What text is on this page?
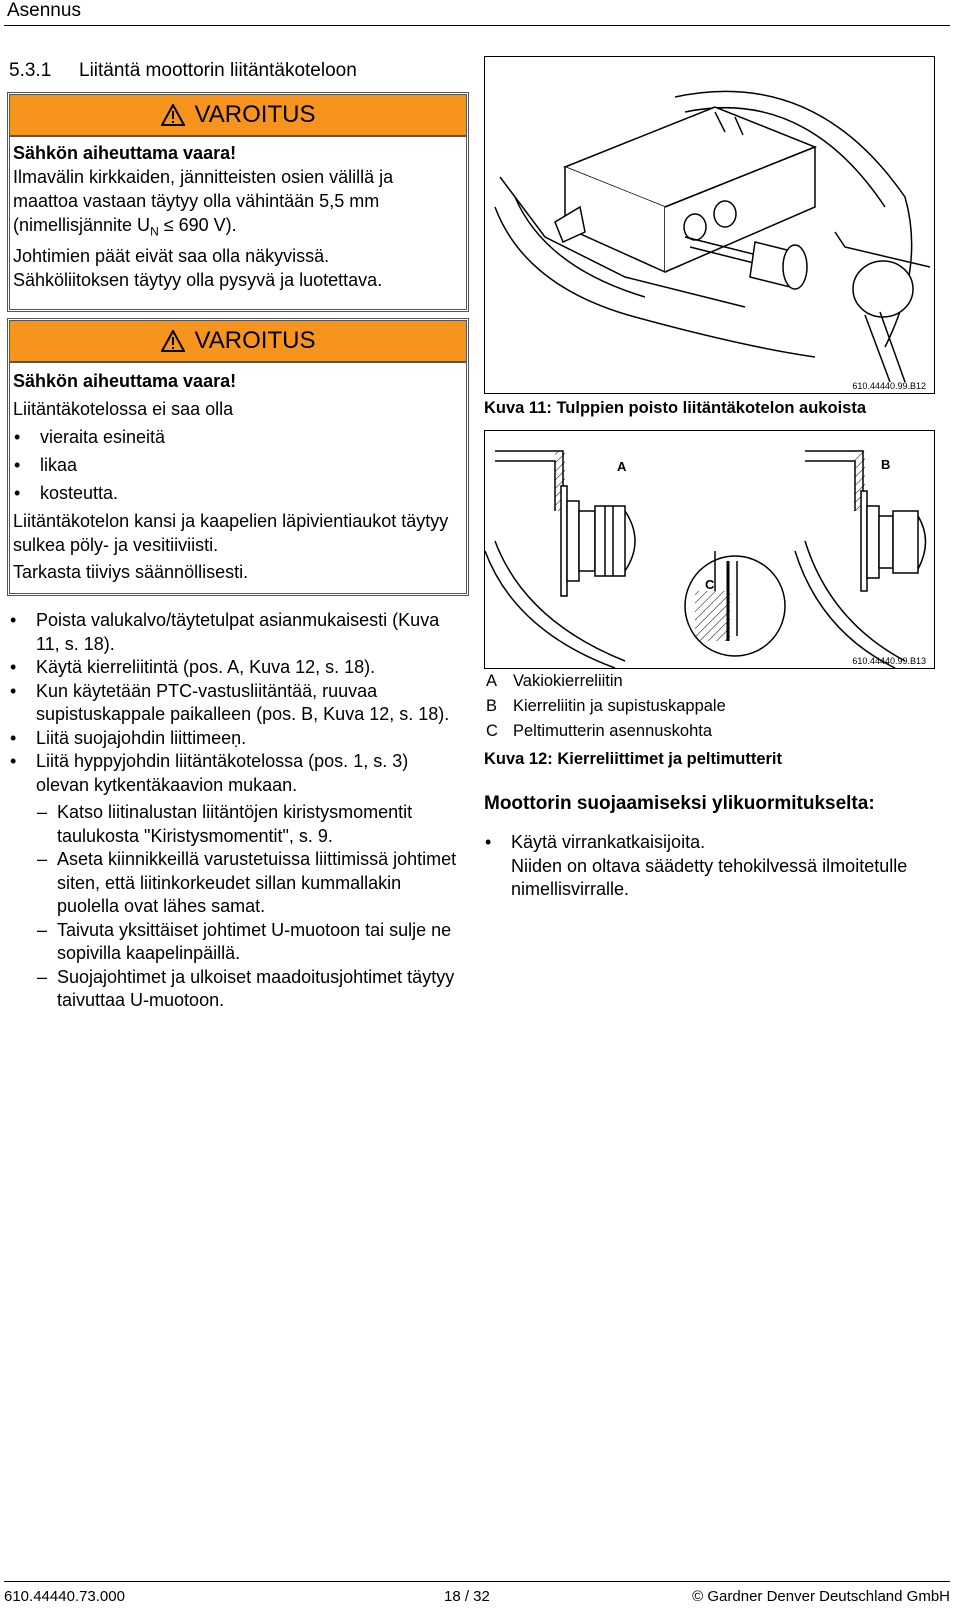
Asennus
5.3.1 Liitäntä moottorin liitäntäkoteloon
VAROITUS
Sähkön aiheuttama vaara!
Ilmavälin kirkkaiden, jännitteisten osien välillä ja maattoa vastaan täytyy olla vähintään 5,5 mm
(nimellisjännite $U_N \le 690$ V).
Johtimien päät eivät saa olla näkyvissä.
Sähköliitoksen täytyy olla pysyvä ja luotettava.
VAROITUS
Sähkön aiheuttama vaara!
Liitäntäkotelossa ei saa olla
• vieraita esineitä
• likaa
• kosteutta.
Liitäntäkotelon kansi ja kaapelien läpivientiaukot täytyy sulkea pöly- ja vesitiiviisti.
Tarkasta tiiviys säännöllisesti.
• Poista valukalvo/täytetulpat asianmukaisesti (Kuva 11, s. 18).
• Käytä kierreliitintä (pos. A, Kuva 12, s. 18).
• Kun käytetään PTC-vastusliitäntää, ruuvaa supistuskappale paikalleen (pos. B, Kuva 12, s. 18).
• Liitä suojajohdin liittimeeṇ.
• Liitä hyppyjohdin liitäntäkotelossa (pos. 1, s. 3) olevan kytkentäkaavion mukaan.
– Katso liitinalustan liitäntöjen kiristysmomentit taulukosta "Kiristysmomentit", s. 9.
– Aseta kiinnikkeillä varustetuissa liittimissä johtimet siten, että liitinkorkeudet sillan kummallakin puolella ovat lähes samat.
– Taivuta yksittäiset johtimet U-muotoon tai sulje ne sopivilla kaapelinpäillä.
– Suojajohtimet ja ulkoiset maadoitusjohtimet täytyy taivuttaa U-muotoon.
610.44440.99.B12
Kuva 11: Tulppien poisto liitäntäkotelon aukoista
A	B
C
610.44440.99.B13
A Vakiokierreliitin
B Kierreliitin ja supistuskappale
C Peltimutterin asennuskohta
Kuva 12: Kierreliittimet ja peltimutterit
Moottorin suojaamiseksi ylikuormitukselta:
• Käytä virrankatkaisijoita.
Niiden on oltava säädetty tehokilvessä ilmoitetulle nimellisvirralle.
610.44440.73.000	18 / 32	© Gardner Denver Deutschland GmbH
